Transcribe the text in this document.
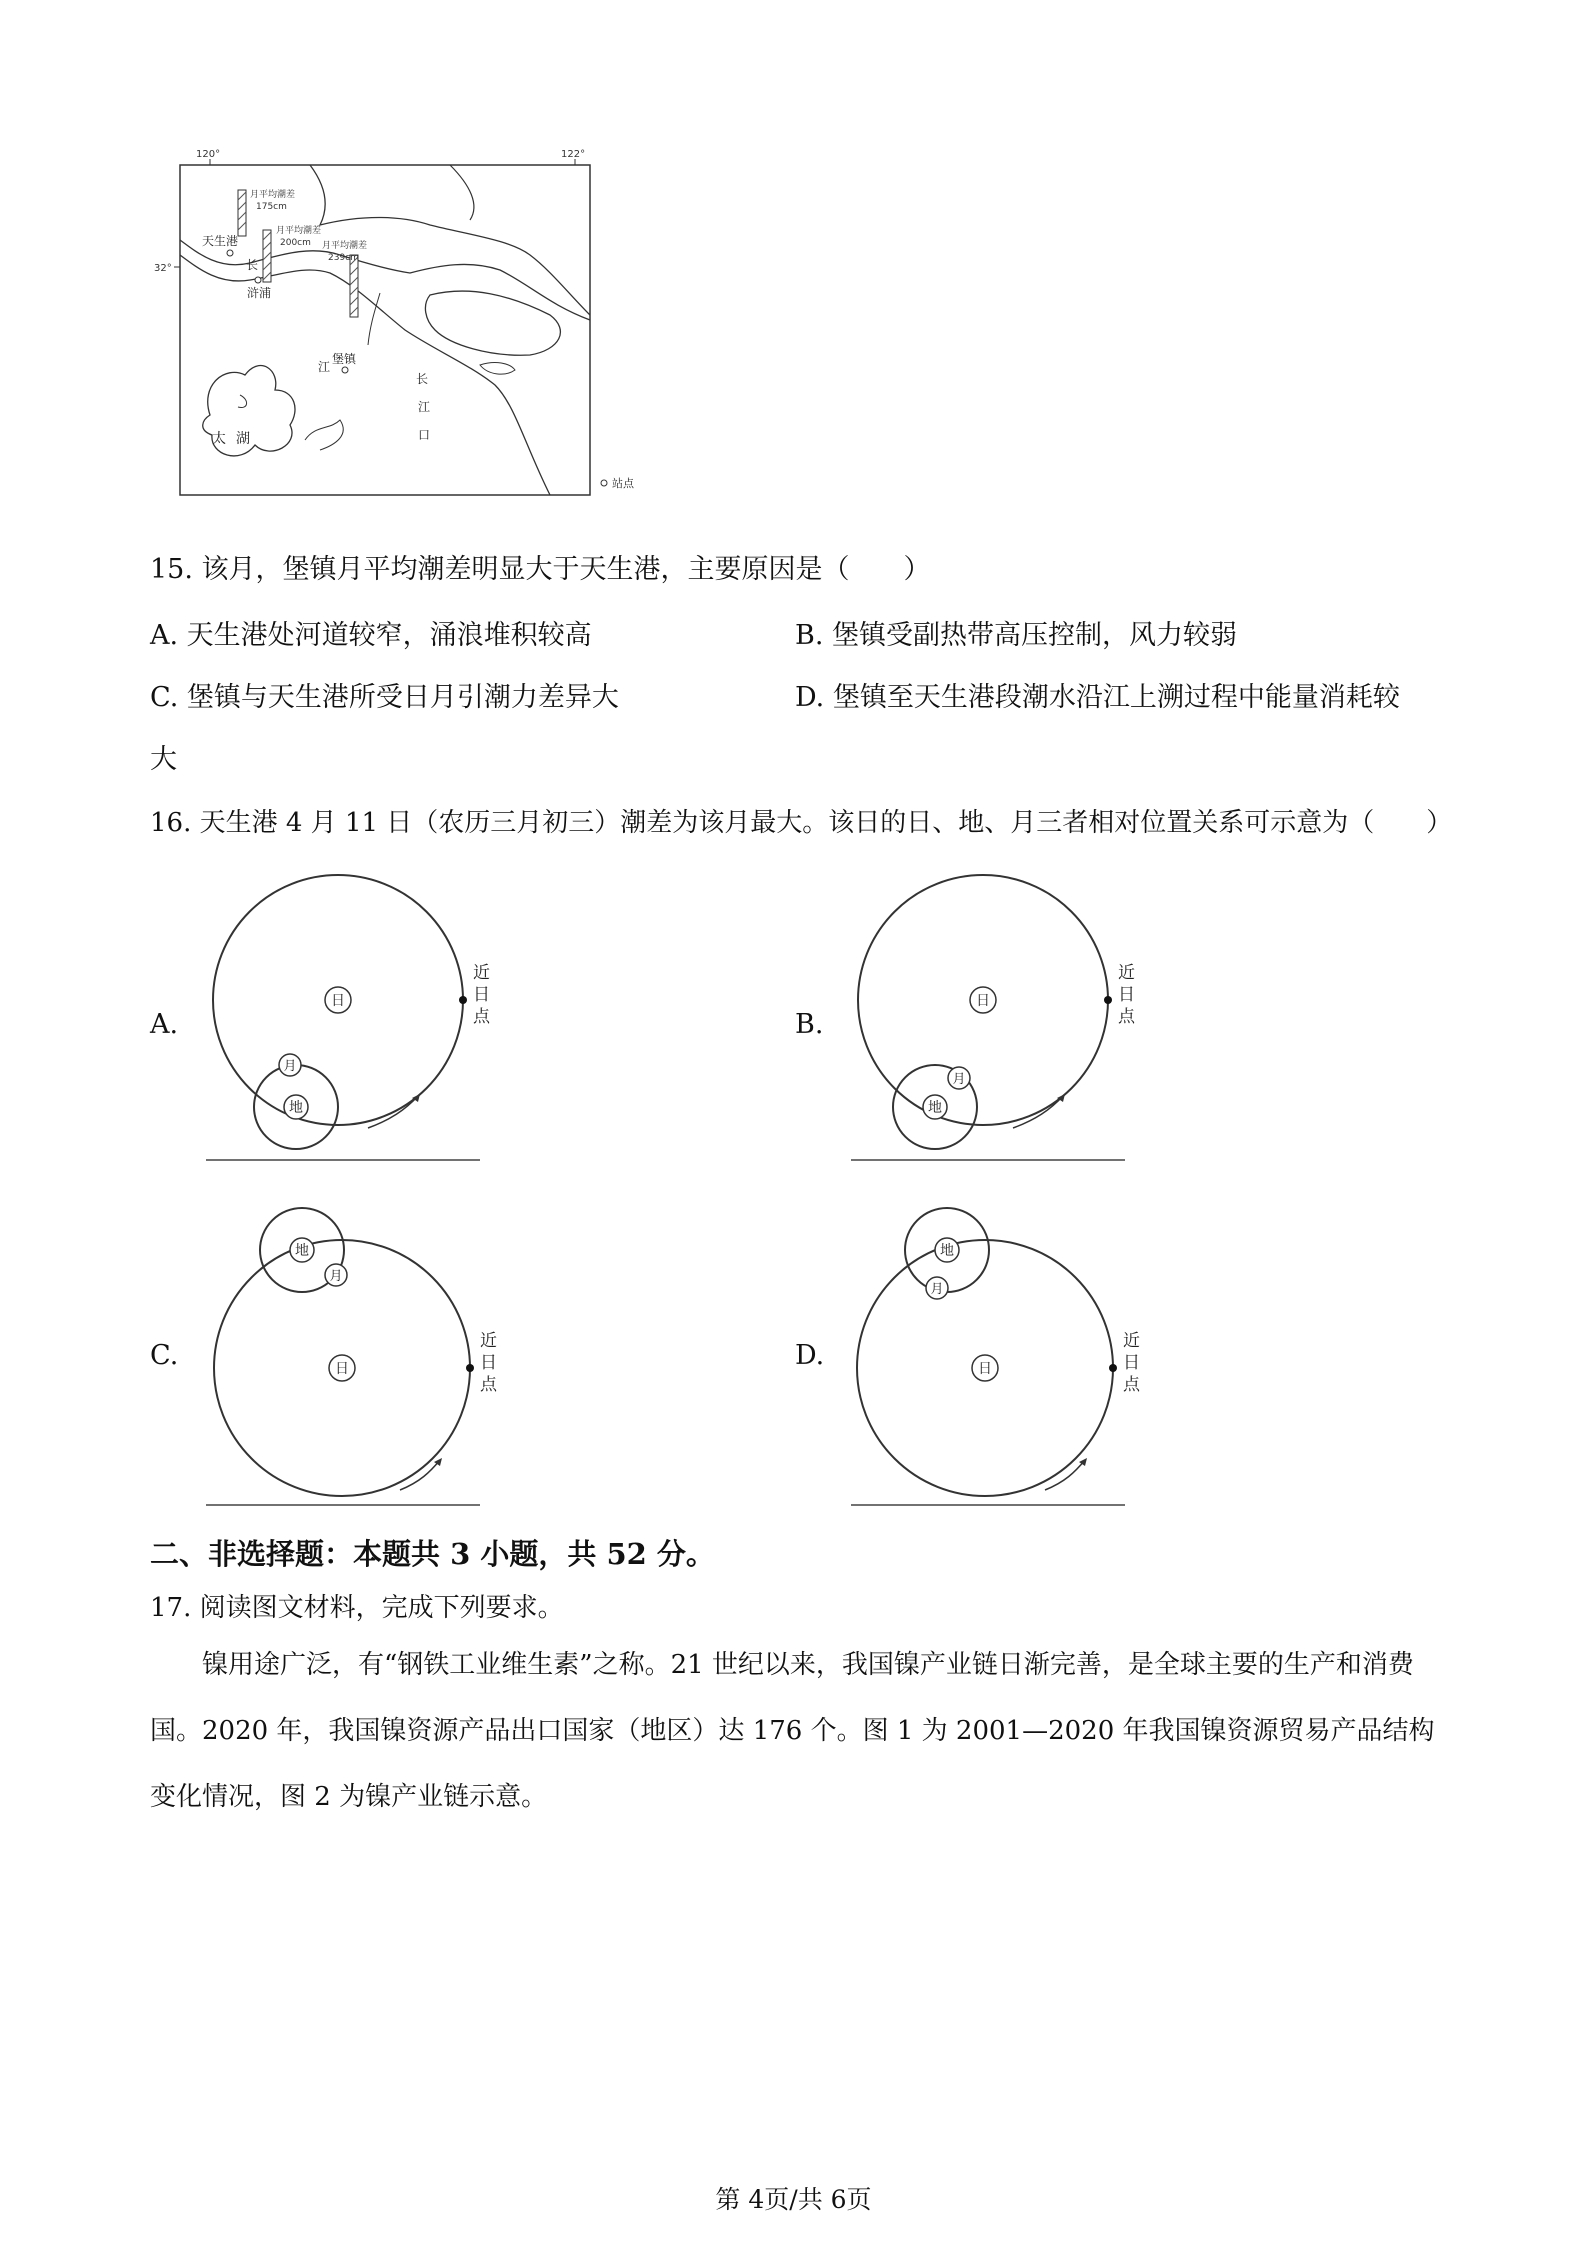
120°	122°
32°
月平均潮差
175cm
月平均潮差
200cm 月平均潮差
239cm
天生港
浒浦
堡镇
太湖
长
江
长
江
口
站点
15. 该月，堡镇月平均潮差明显大于天生港，主要原因是（　　）
A. 天生港处河道较窄，涌浪堆积较高	B. 堡镇受副热带高压控制，风力较弱
C. 堡镇与天生港所受日月引潮力差异大	D. 堡镇至天生港段潮水沿江上溯过程中能量消耗较
大
16. 天生港 4 月 11 日（农历三月初三）潮差为该月最大。该日的日、地、月三者相对位置关系可示意为（　　）
A.
日
近
日
点
地
月
B.
日
近
日
点
地
月
C.	日
近
日
点
地
月
D.	日
近
日
点
地
月
二、非选择题：本题共 3 小题，共 52 分。
17. 阅读图文材料，完成下列要求。
镍用途广泛，有“钢铁工业维生素”之称。21 世纪以来，我国镍产业链日渐完善，是全球主要的生产和消费国。2020 年，我国镍资源产品出口国家（地区）达 176 个。图 1 为 2001—2020 年我国镍资源贸易产品结构变化情况，图 2 为镍产业链示意。
第 4页/共 6页
